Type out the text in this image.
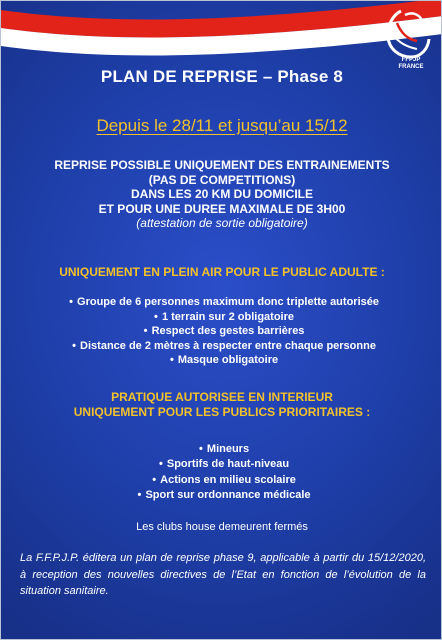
FFPJP
FRANCE
PLAN DE REPRISE – Phase 8
Depuis le 28/11 et jusqu’au 15/12
REPRISE POSSIBLE UNIQUEMENT DES ENTRAINEMENTS
(PAS DE COMPETITIONS)
DANS LES 20 KM DU DOMICILE
ET POUR UNE DUREE MAXIMALE DE 3H00
(attestation de sortie obligatoire)
UNIQUEMENT EN PLEIN AIR POUR LE PUBLIC ADULTE :
• Groupe de 6 personnes maximum donc triplette autorisée
• 1 terrain sur 2 obligatoire
• Respect des gestes barrières
• Distance de 2 mètres à respecter entre chaque personne
• Masque obligatoire
PRATIQUE AUTORISEE EN INTERIEUR
UNIQUEMENT POUR LES PUBLICS PRIORITAIRES :
• Mineurs
• Sportifs de haut-niveau
• Actions en milieu scolaire
• Sport sur ordonnance médicale
Les clubs house demeurent fermés
La F.F.P.J.P. éditera un plan de reprise phase 9, applicable à partir du 15/12/2020, à reception des nouvelles directives de l’Etat en fonction de l’évolution de la situation sanitaire.
